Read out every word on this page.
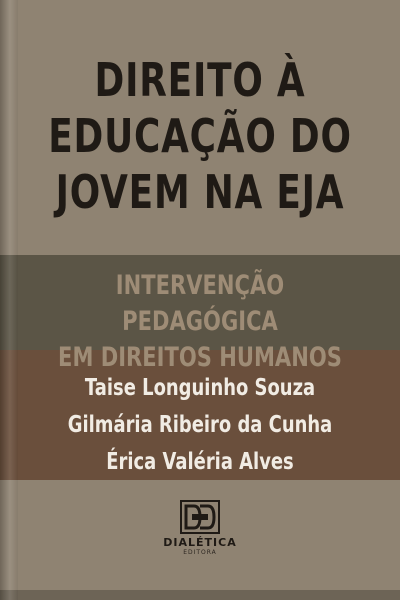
DIREITO À
EDUCAÇÃO DO
JOVEM NA EJA
INTERVENÇÃO PEDAGÓGICA
EM DIREITOS HUMANOS
Taise Longuinho Souza
Gilmária Ribeiro da Cunha
Érica Valéria Alves
DIALÉTICA
EDITORA
